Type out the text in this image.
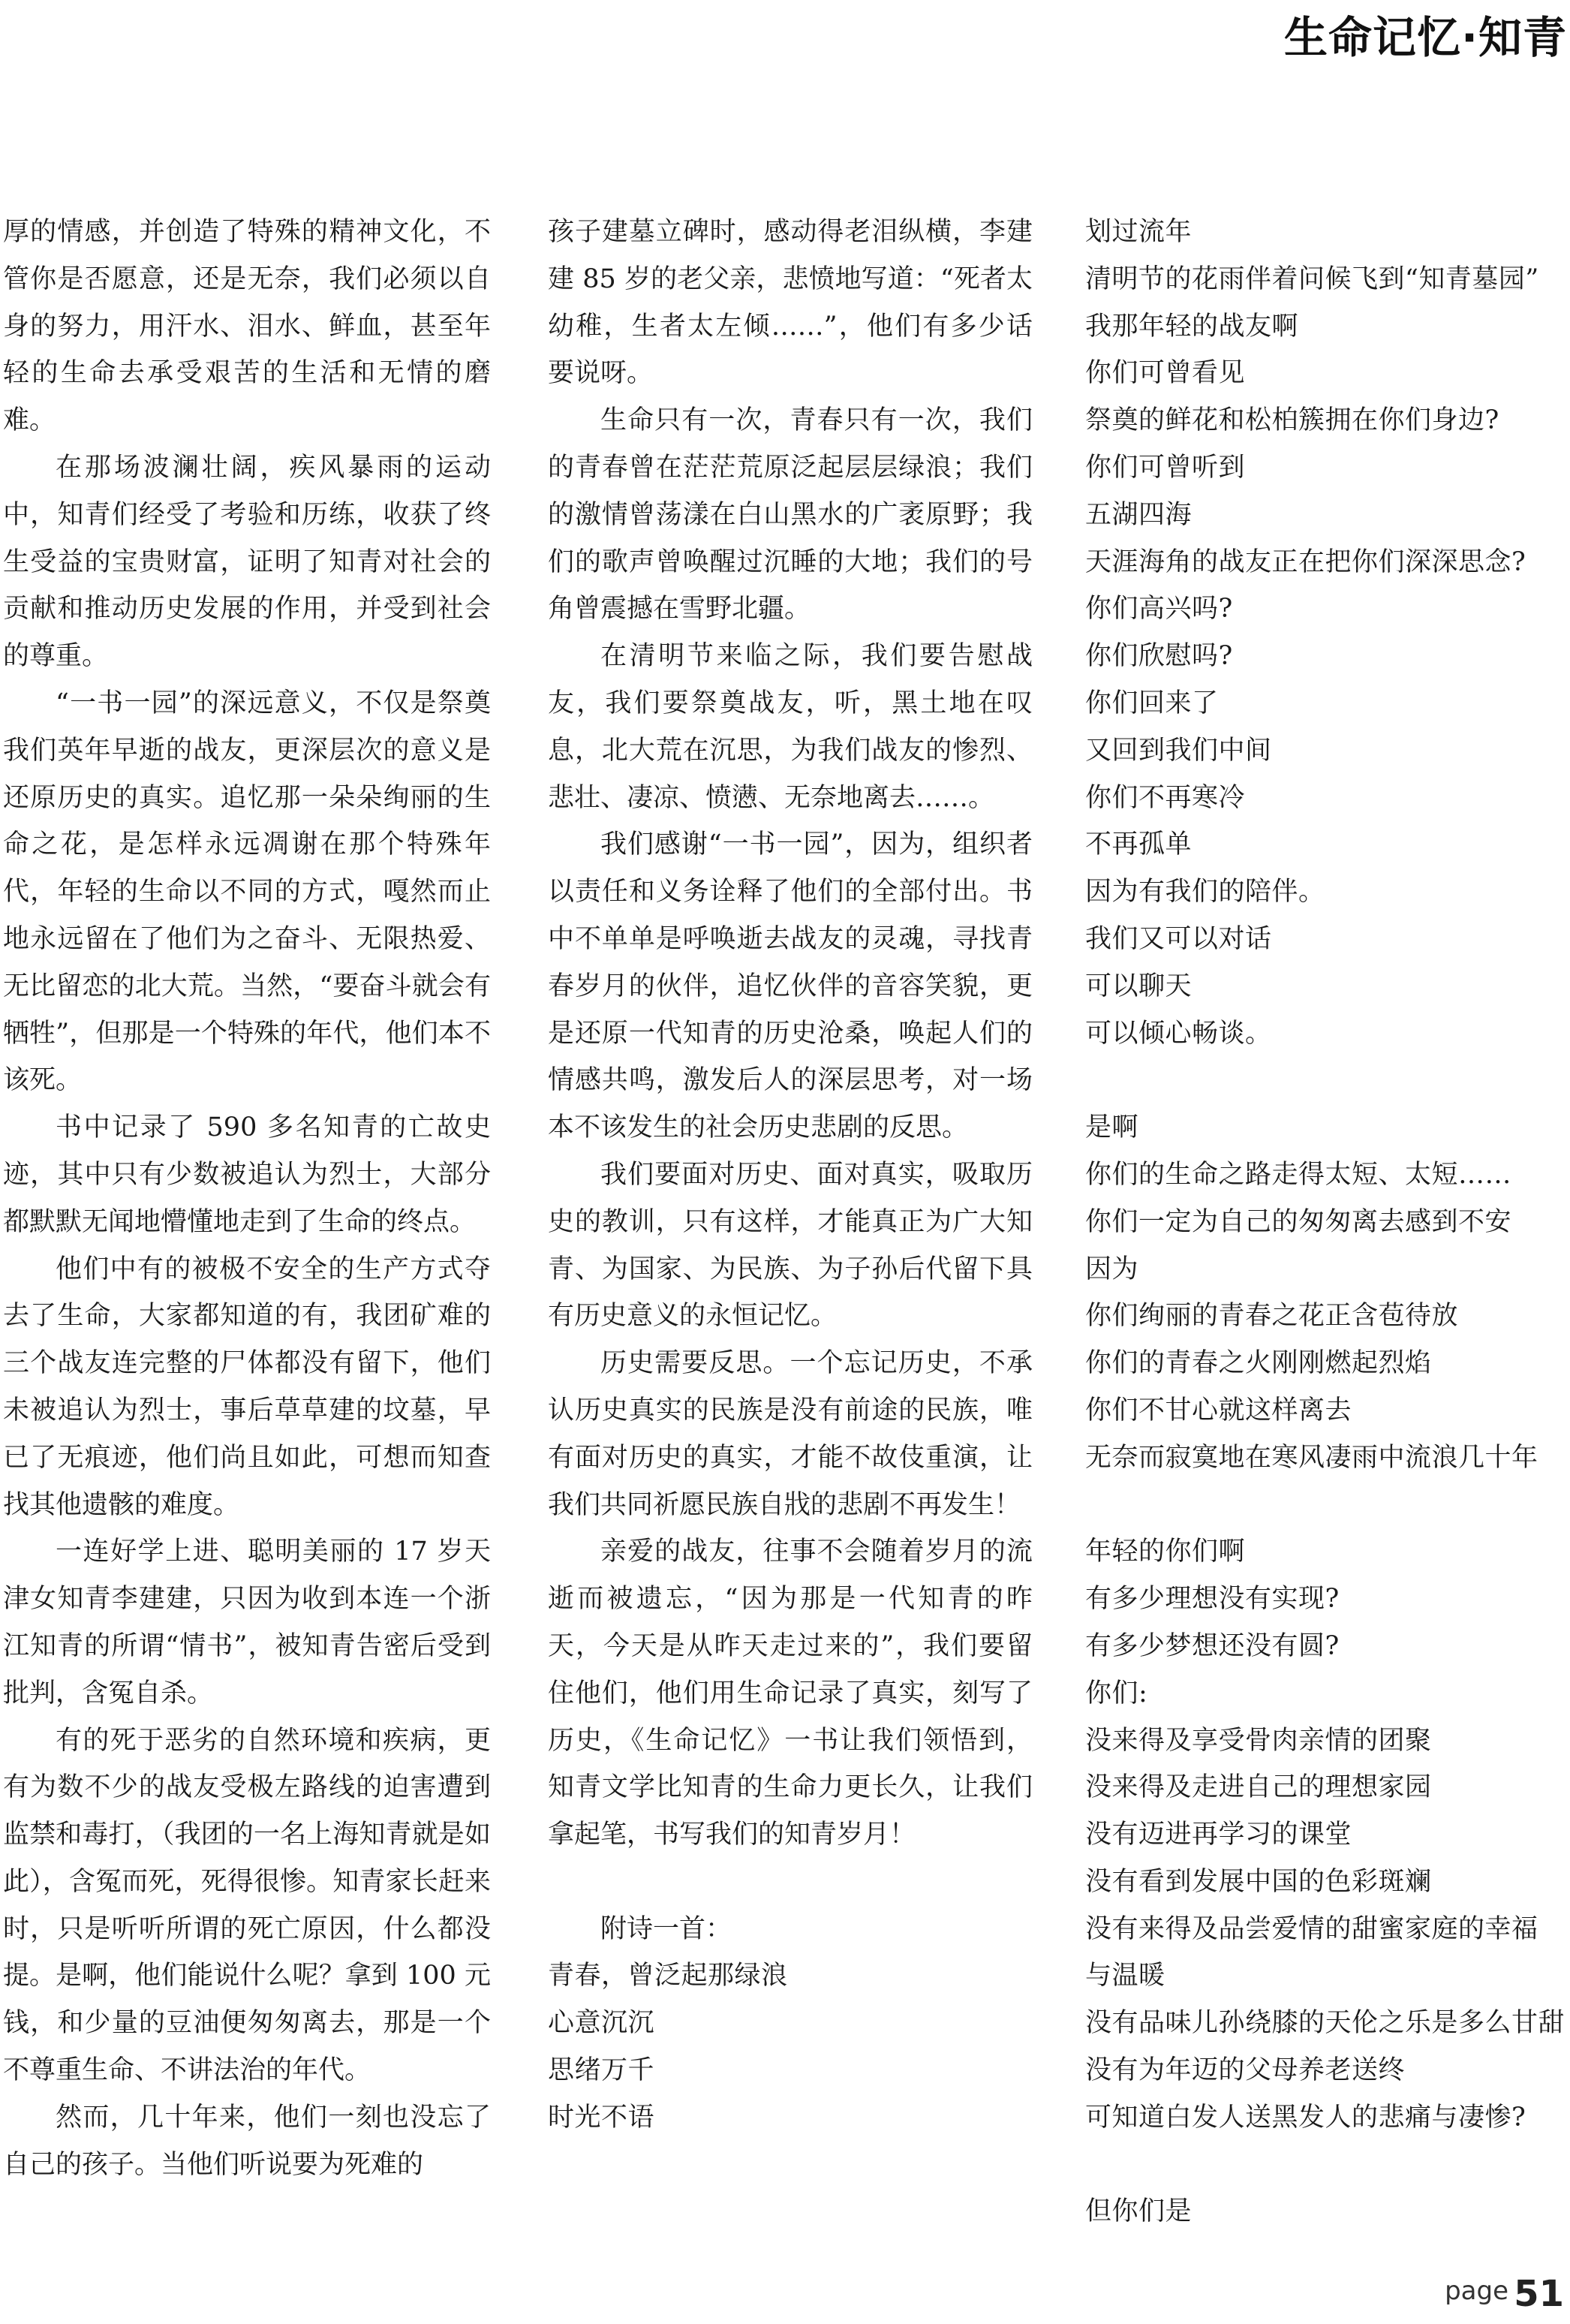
生命记忆·知青

厚的情感，并创造了特殊的精神文化，不管你是否愿意，还是无奈，我们必须以自身的努力，用汗水、泪水、鲜血，甚至年轻的生命去承受艰苦的生活和无情的磨难。

在那场波澜壮阔，疾风暴雨的运动中，知青们经受了考验和历练，收获了终生受益的宝贵财富，证明了知青对社会的贡献和推动历史发展的作用，并受到社会的尊重。

“一书一园”的深远意义，不仅是祭奠我们英年早逝的战友，更深层次的意义是还原历史的真实。追忆那一朵朵绚丽的生命之花，是怎样永远凋谢在那个特殊年代，年轻的生命以不同的方式，嘎然而止地永远留在了他们为之奋斗、无限热爱、无比留恋的北大荒。当然，“要奋斗就会有牺牲”，但那是一个特殊的年代，他们本不该死。

书中记录了 590 多名知青的亡故史迹，其中只有少数被追认为烈士，大部分都默默无闻地懵懂地走到了生命的终点。

他们中有的被极不安全的生产方式夺去了生命，大家都知道的有，我团矿难的三个战友连完整的尸体都没有留下，他们未被追认为烈士，事后草草建的坟墓，早已了无痕迹，他们尚且如此，可想而知查找其他遗骸的难度。

一连好学上进、聪明美丽的 17 岁天津女知青李建建，只因为收到本连一个浙江知青的所谓“情书”，被知青告密后受到批判，含冤自杀。

有的死于恶劣的自然环境和疾病，更有为数不少的战友受极左路线的迫害遭到监禁和毒打，（我团的一名上海知青就是如此），含冤而死，死得很惨。知青家长赶来时，只是听听所谓的死亡原因，什么都没提。是啊，他们能说什么呢？拿到 100 元钱，和少量的豆油便匆匆离去，那是一个不尊重生命、不讲法治的年代。

然而，几十年来，他们一刻也没忘了自己的孩子。当他们听说要为死难的

孩子建墓立碑时，感动得老泪纵横，李建建 85 岁的老父亲，悲愤地写道：“死者太幼稚，生者太左倾……”，他们有多少话要说呀。

生命只有一次，青春只有一次，我们的青春曾在茫茫荒原泛起层层绿浪；我们的激情曾荡漾在白山黑水的广袤原野；我们的歌声曾唤醒过沉睡的大地；我们的号角曾震撼在雪野北疆。

在清明节来临之际，我们要告慰战友，我们要祭奠战友，听，黑土地在叹息，北大荒在沉思，为我们战友的惨烈、悲壮、凄凉、愤懑、无奈地离去……。

我们感谢“一书一园”，因为，组织者以责任和义务诠释了他们的全部付出。书中不单单是呼唤逝去战友的灵魂，寻找青春岁月的伙伴，追忆伙伴的音容笑貌，更是还原一代知青的历史沧桑，唤起人们的情感共鸣，激发后人的深层思考，对一场本不该发生的社会历史悲剧的反思。

我们要面对历史、面对真实，吸取历史的教训，只有这样，才能真正为广大知青、为国家、为民族、为子孙后代留下具有历史意义的永恒记忆。

历史需要反思。一个忘记历史，不承认历史真实的民族是没有前途的民族，唯有面对历史的真实，才能不故伎重演，让我们共同祈愿民族自戕的悲剧不再发生！

亲爱的战友，往事不会随着岁月的流逝而被遗忘，“因为那是一代知青的昨天，今天是从昨天走过来的”，我们要留住他们，他们用生命记录了真实，刻写了历史，《生命记忆》一书让我们领悟到，知青文学比知青的生命力更长久，让我们拿起笔，书写我们的知青岁月！

附诗一首：

青春，曾泛起那绿浪
心意沉沉
思绪万千
时光不语
划过流年
清明节的花雨伴着问候飞到“知青墓园”
我那年轻的战友啊
你们可曾看见
祭奠的鲜花和松柏簇拥在你们身边?
你们可曾听到
五湖四海
天涯海角的战友正在把你们深深思念?
你们高兴吗?
你们欣慰吗?
你们回来了
又回到我们中间
你们不再寒冷
不再孤单
因为有我们的陪伴。
我们又可以对话
可以聊天
可以倾心畅谈。
是啊
你们的生命之路走得太短、太短……
你们一定为自己的匆匆离去感到不安
因为
你们绚丽的青春之花正含苞待放
你们的青春之火刚刚燃起烈焰
你们不甘心就这样离去
无奈而寂寞地在寒风凄雨中流浪几十年
年轻的你们啊
有多少理想没有实现?
有多少梦想还没有圆?
你们:
没来得及享受骨肉亲情的团聚
没来得及走进自己的理想家园
没有迈进再学习的课堂
没有看到发展中国的色彩斑斓
没有来得及品尝爱情的甜蜜家庭的幸福
与温暖
没有品味儿孙绕膝的天伦之乐是多么甘甜
没有为年迈的父母养老送终
可知道白发人送黑发人的悲痛与凄惨?
但你们是
page 51
